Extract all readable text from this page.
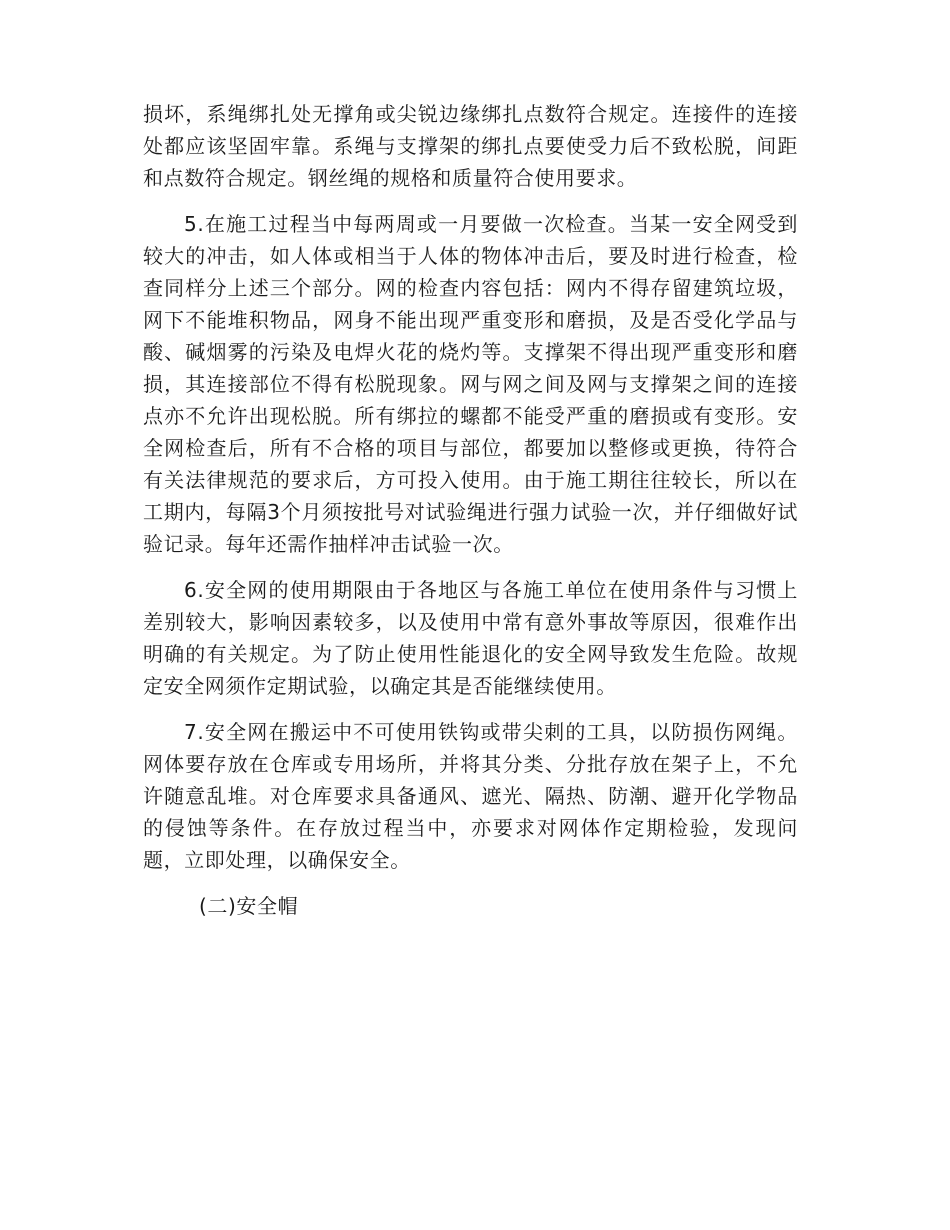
损坏，系绳绑扎处无撑角或尖锐边缘绑扎点数符合规定。连接件的连接处都应该坚固牢靠。系绳与支撑架的绑扎点要使受力后不致松脱，间距和点数符合规定。钢丝绳的规格和质量符合使用要求。

5.在施工过程当中每两周或一月要做一次检查。当某一安全网受到较大的冲击，如人体或相当于人体的物体冲击后，要及时进行检查，检查同样分上述三个部分。网的检查内容包括：网内不得存留建筑垃圾，网下不能堆积物品，网身不能出现严重变形和磨损，及是否受化学品与酸、碱烟雾的污染及电焊火花的烧灼等。支撑架不得出现严重变形和磨损，其连接部位不得有松脱现象。网与网之间及网与支撑架之间的连接点亦不允许出现松脱。所有绑拉的螺都不能受严重的磨损或有变形。安全网检查后，所有不合格的项目与部位，都要加以整修或更换，待符合有关法律规范的要求后，方可投入使用。由于施工期往往较长，所以在工期内，每隔3个月须按批号对试验绳进行强力试验一次，并仔细做好试验记录。每年还需作抽样冲击试验一次。

6.安全网的使用期限由于各地区与各施工单位在使用条件与习惯上差别较大，影响因素较多，以及使用中常有意外事故等原因，很难作出明确的有关规定。为了防止使用性能退化的安全网导致发生危险。故规定安全网须作定期试验，以确定其是否能继续使用。

7.安全网在搬运中不可使用铁钩或带尖刺的工具，以防损伤网绳。网体要存放在仓库或专用场所，并将其分类、分批存放在架子上，不允许随意乱堆。对仓库要求具备通风、遮光、隔热、防潮、避开化学物品的侵蚀等条件。在存放过程当中，亦要求对网体作定期检验，发现问题，立即处理，以确保安全。

(二)安全帽
